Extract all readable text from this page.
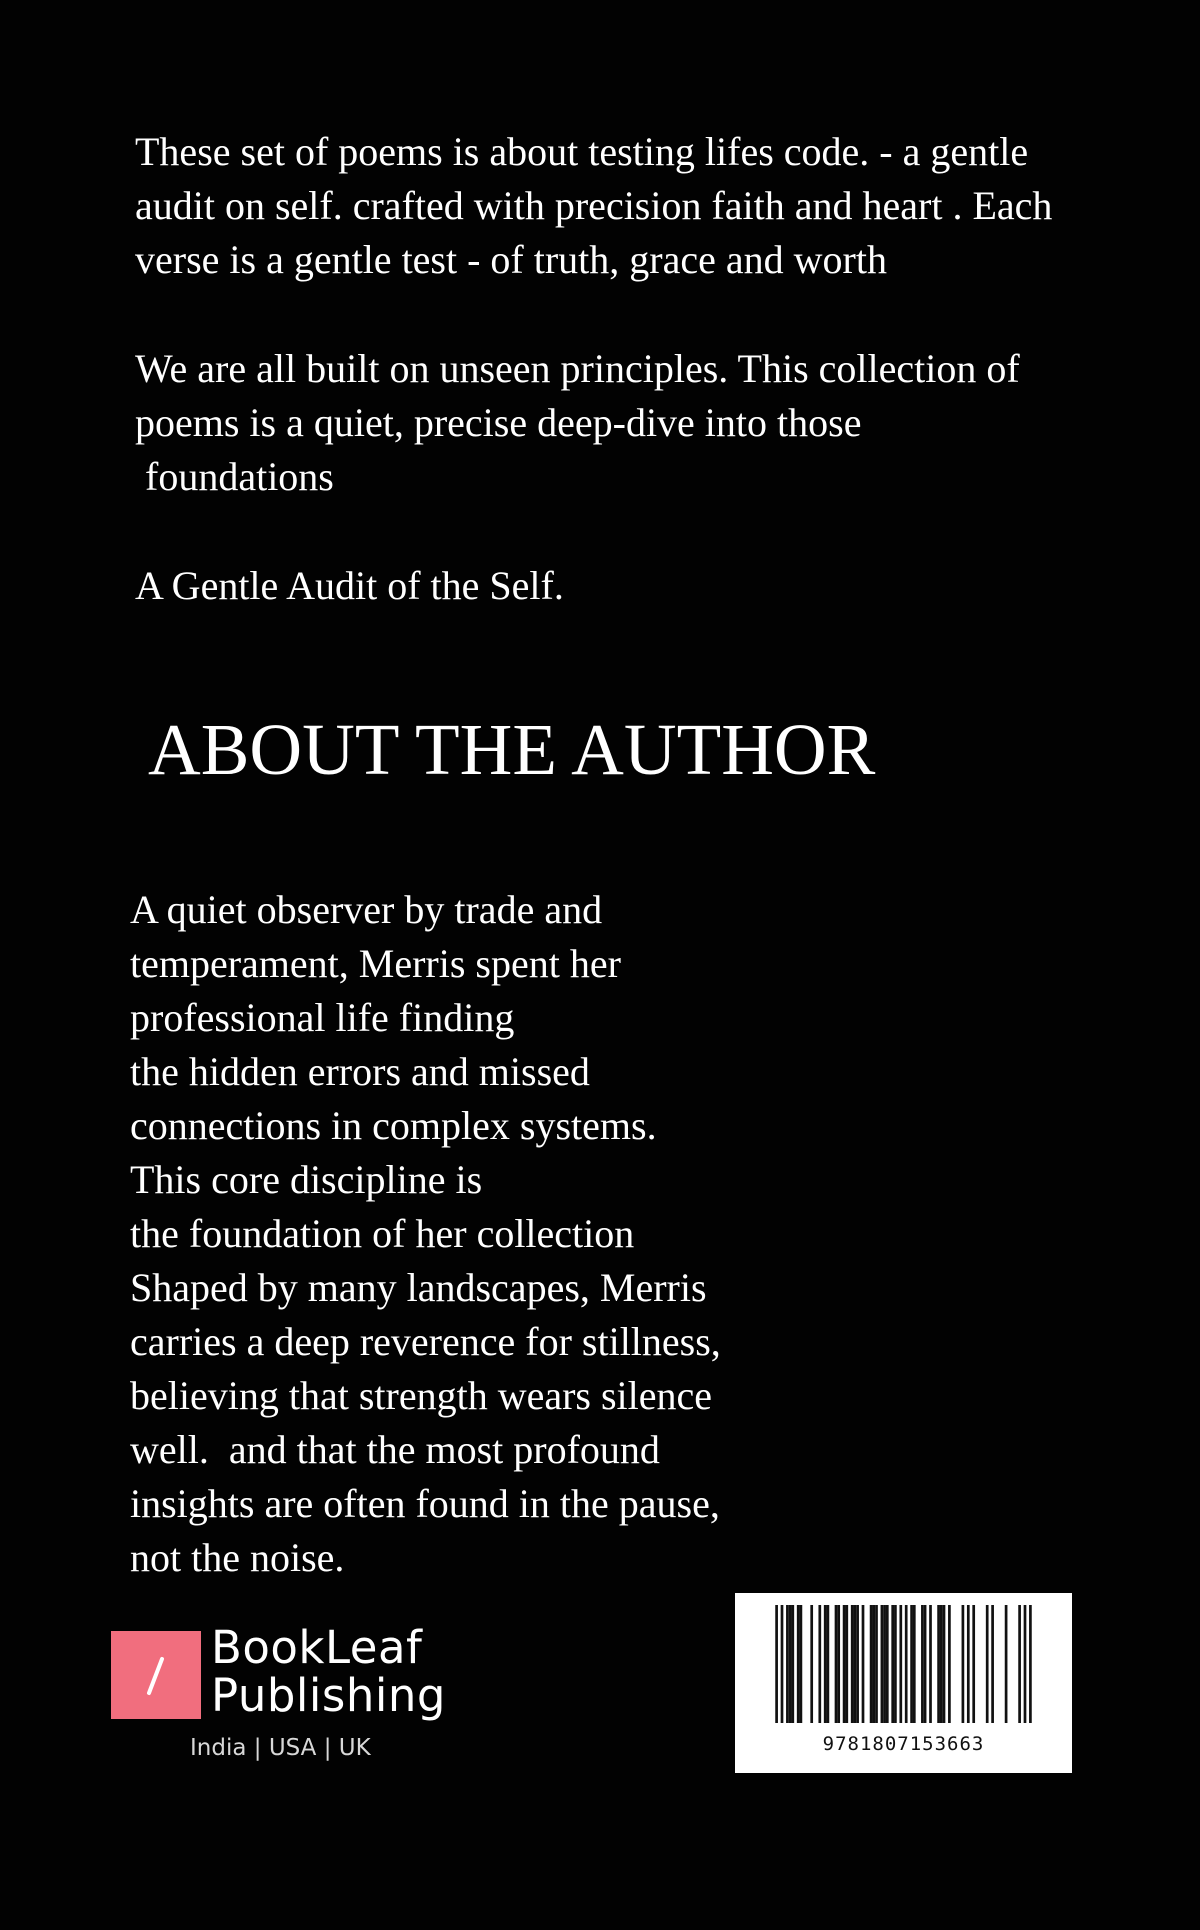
These set of poems is about testing lifes code. - a gentle
audit on self. crafted with precision faith and heart . Each
verse is a gentle test - of truth, grace and worth

We are all built on unseen principles. This collection of
poems is a quiet, precise deep-dive into those
foundations

A Gentle Audit of the Self.

ABOUT THE AUTHOR

A quiet observer by trade and
temperament, Merris spent her
professional life finding
the hidden errors and missed
connections in complex systems.
This core discipline is
the foundation of her collection
Shaped by many landscapes, Merris
carries a deep reverence for stillness,
believing that strength wears silence
well.  and that the most profound
insights are often found in the pause,
not the noise.

BookLeaf
Publishing
India | USA | UK	9781807153663
